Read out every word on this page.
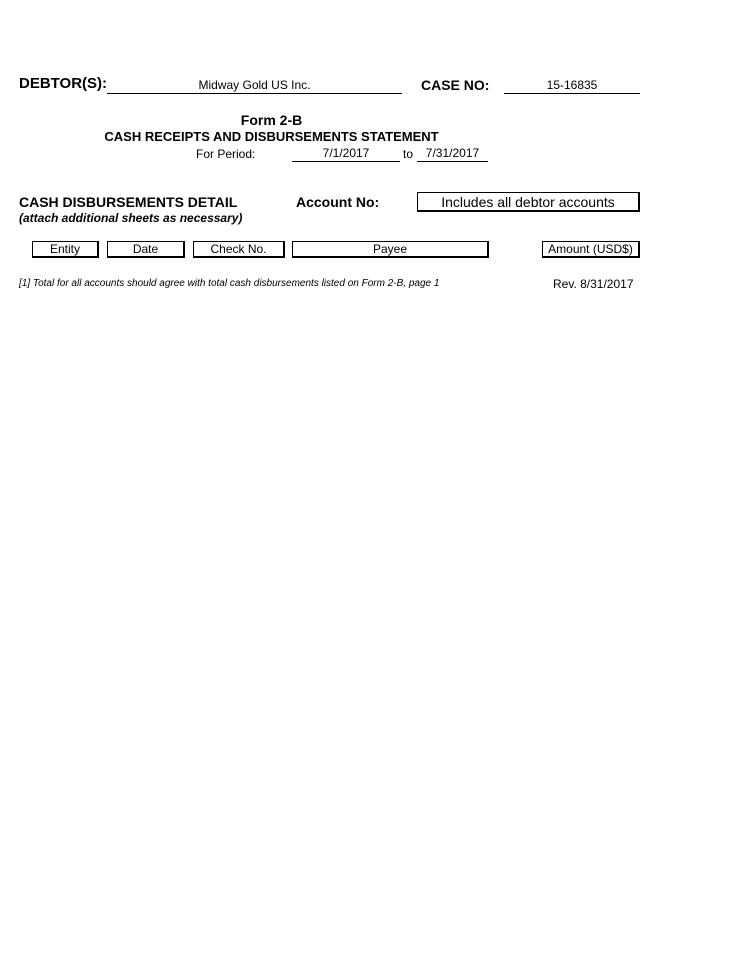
DEBTOR(S):	Midway Gold US Inc.	CASE NO:	15-16835
Form 2-B
CASH RECEIPTS AND DISBURSEMENTS STATEMENT
For Period:	7/1/2017	to	7/31/2017
CASH DISBURSEMENTS DETAIL
(attach additional sheets as necessary)
Account No:	Includes all debtor accounts
Entity	Date	Check No.	Payee	Amount (USD$)
[1] Total for all accounts should agree with total cash disbursements listed on Form 2-B, page 1	Rev. 8/31/2017
